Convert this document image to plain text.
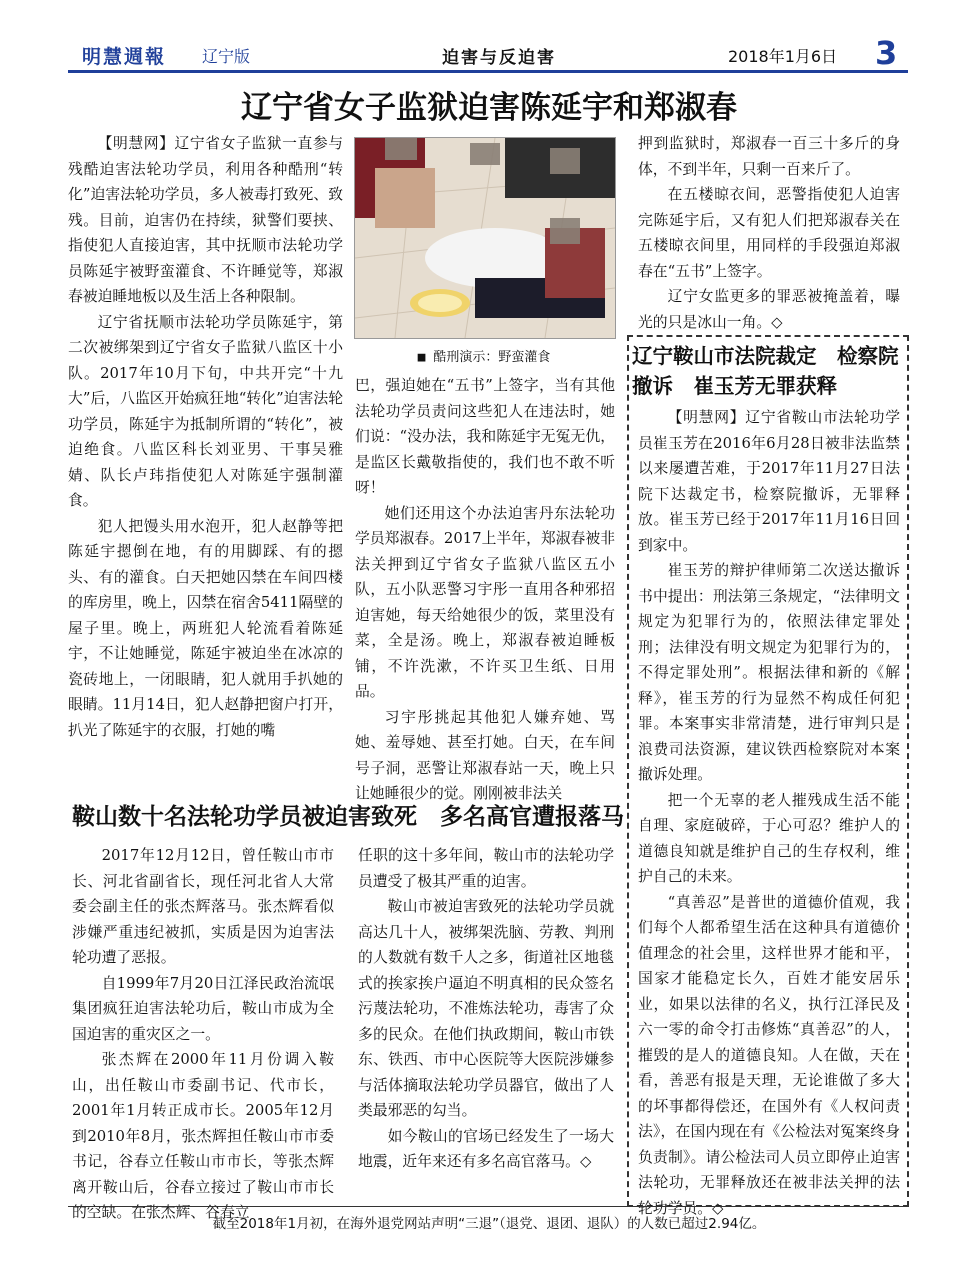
明慧週報 辽宁版	迫害与反迫害	2018年1月6日 3
辽宁省女子监狱迫害陈延宇和郑淑春

【明慧网】辽宁省女子监狱一直参与残酷迫害法轮功学员，利用各种酷刑“转化”迫害法轮功学员，多人被毒打致死、致残。目前，迫害仍在持续，狱警们要挟、指使犯人直接迫害，其中抚顺市法轮功学员陈延宇被野蛮灌食、不许睡觉等，郑淑春被迫睡地板以及生活上各种限制。

辽宁省抚顺市法轮功学员陈延宇，第二次被绑架到辽宁省女子监狱八监区十小队。2017年10月下旬，中共开完“十九大”后，八监区开始疯狂地“转化”迫害法轮功学员，陈延宇为抵制所谓的“转化”，被迫绝食。八监区科长刘亚男、干事吴雅婧、队长卢玮指使犯人对陈延宇强制灌食。

犯人把馒头用水泡开，犯人赵静等把陈延宇摁倒在地，有的用脚踩、有的摁头、有的灌食。白天把她囚禁在车间四楼的库房里，晚上，囚禁在宿舍5411隔壁的屋子里。晚上，两班犯人轮流看着陈延宇，不让她睡觉，陈延宇被迫坐在冰凉的瓷砖地上，一闭眼睛，犯人就用手扒她的眼睛。11月14日，犯人赵静把窗户打开，扒光了陈延宇的衣服，打她的嘴

■ 酷刑演示：野蛮灌食

巴，强迫她在“五书”上签字，当有其他法轮功学员责问这些犯人在违法时，她们说：“没办法，我和陈延宇无冤无仇，是监区长戴敬指使的，我们也不敢不听呀！

她们还用这个办法迫害丹东法轮功学员郑淑春。2017上半年，郑淑春被非法关押到辽宁省女子监狱八监区五小队，五小队恶警习宇彤一直用各种邪招迫害她，每天给她很少的饭，菜里没有菜，全是汤。晚上，郑淑春被迫睡板铺，不许洗漱，不许买卫生纸、日用品。

习宇彤挑起其他犯人嫌弃她、骂她、羞辱她、甚至打她。白天，在车间号子洞，恶警让郑淑春站一天，晚上只让她睡很少的觉。刚刚被非法关

押到监狱时，郑淑春一百三十多斤的身体，不到半年，只剩一百来斤了。

在五楼晾衣间，恶警指使犯人迫害完陈延宇后，又有犯人们把郑淑春关在五楼晾衣间里，用同样的手段强迫郑淑春在“五书”上签字。

辽宁女监更多的罪恶被掩盖着，曝光的只是冰山一角。◇

辽宁鞍山市法院裁定　检察院撤诉　崔玉芳无罪获释

【明慧网】辽宁省鞍山市法轮功学员崔玉芳在2016年6月28日被非法监禁以来屡遭苦难，于2017年11月27日法院下达裁定书，检察院撤诉，无罪释放。崔玉芳已经于2017年11月16日回到家中。

崔玉芳的辩护律师第二次送达撤诉书中提出：刑法第三条规定，“法律明文规定为犯罪行为的，依照法律定罪处刑；法律没有明文规定为犯罪行为的，不得定罪处刑”。根据法律和新的《解释》，崔玉芳的行为显然不构成任何犯罪。本案事实非常清楚，进行审判只是浪费司法资源，建议铁西检察院对本案撤诉处理。

把一个无辜的老人摧残成生活不能自理、家庭破碎，于心可忍？维护人的道德良知就是维护自己的生存权利，维护自己的未来。

“真善忍”是普世的道德价值观，我们每个人都希望生活在这种具有道德价值理念的社会里，这样世界才能和平，国家才能稳定长久，百姓才能安居乐业，如果以法律的名义，执行江泽民及六一零的命令打击修炼“真善忍”的人，摧毁的是人的道德良知。人在做，天在看，善恶有报是天理，无论谁做了多大的坏事都得偿还，在国外有《人权问责法》，在国内现在有《公检法对冤案终身负责制》。请公检法司人员立即停止迫害法轮功，无罪释放还在被非法关押的法轮功学员。◇

鞍山数十名法轮功学员被迫害致死　多名高官遭报落马

2017年12月12日，曾任鞍山市市长、河北省副省长，现任河北省人大常委会副主任的张杰辉落马。张杰辉看似涉嫌严重违纪被抓，实质是因为迫害法轮功遭了恶报。

自1999年7月20日江泽民政治流氓集团疯狂迫害法轮功后，鞍山市成为全国迫害的重灾区之一。

张杰辉在2000年11月份调入鞍山，出任鞍山市委副书记、代市长，2001年1月转正成市长。2005年12月到2010年8月，张杰辉担任鞍山市市委书记，谷春立任鞍山市市长，等张杰辉离开鞍山后，谷春立接过了鞍山市市长的空缺。在张杰辉、谷春立

任职的这十多年间，鞍山市的法轮功学员遭受了极其严重的迫害。

鞍山市被迫害致死的法轮功学员就高达几十人，被绑架洗脑、劳教、判刑的人数就有数千人之多，街道社区地毯式的挨家挨户逼迫不明真相的民众签名污蔑法轮功，不准炼法轮功，毒害了众多的民众。在他们执政期间，鞍山市铁东、铁西、市中心医院等大医院涉嫌参与活体摘取法轮功学员器官，做出了人类最邪恶的勾当。

如今鞍山的官场已经发生了一场大地震，近年来还有多名高官落马。◇

截至2018年1月初，在海外退党网站声明“三退”（退党、退团、退队）的人数已超过2.94亿。
